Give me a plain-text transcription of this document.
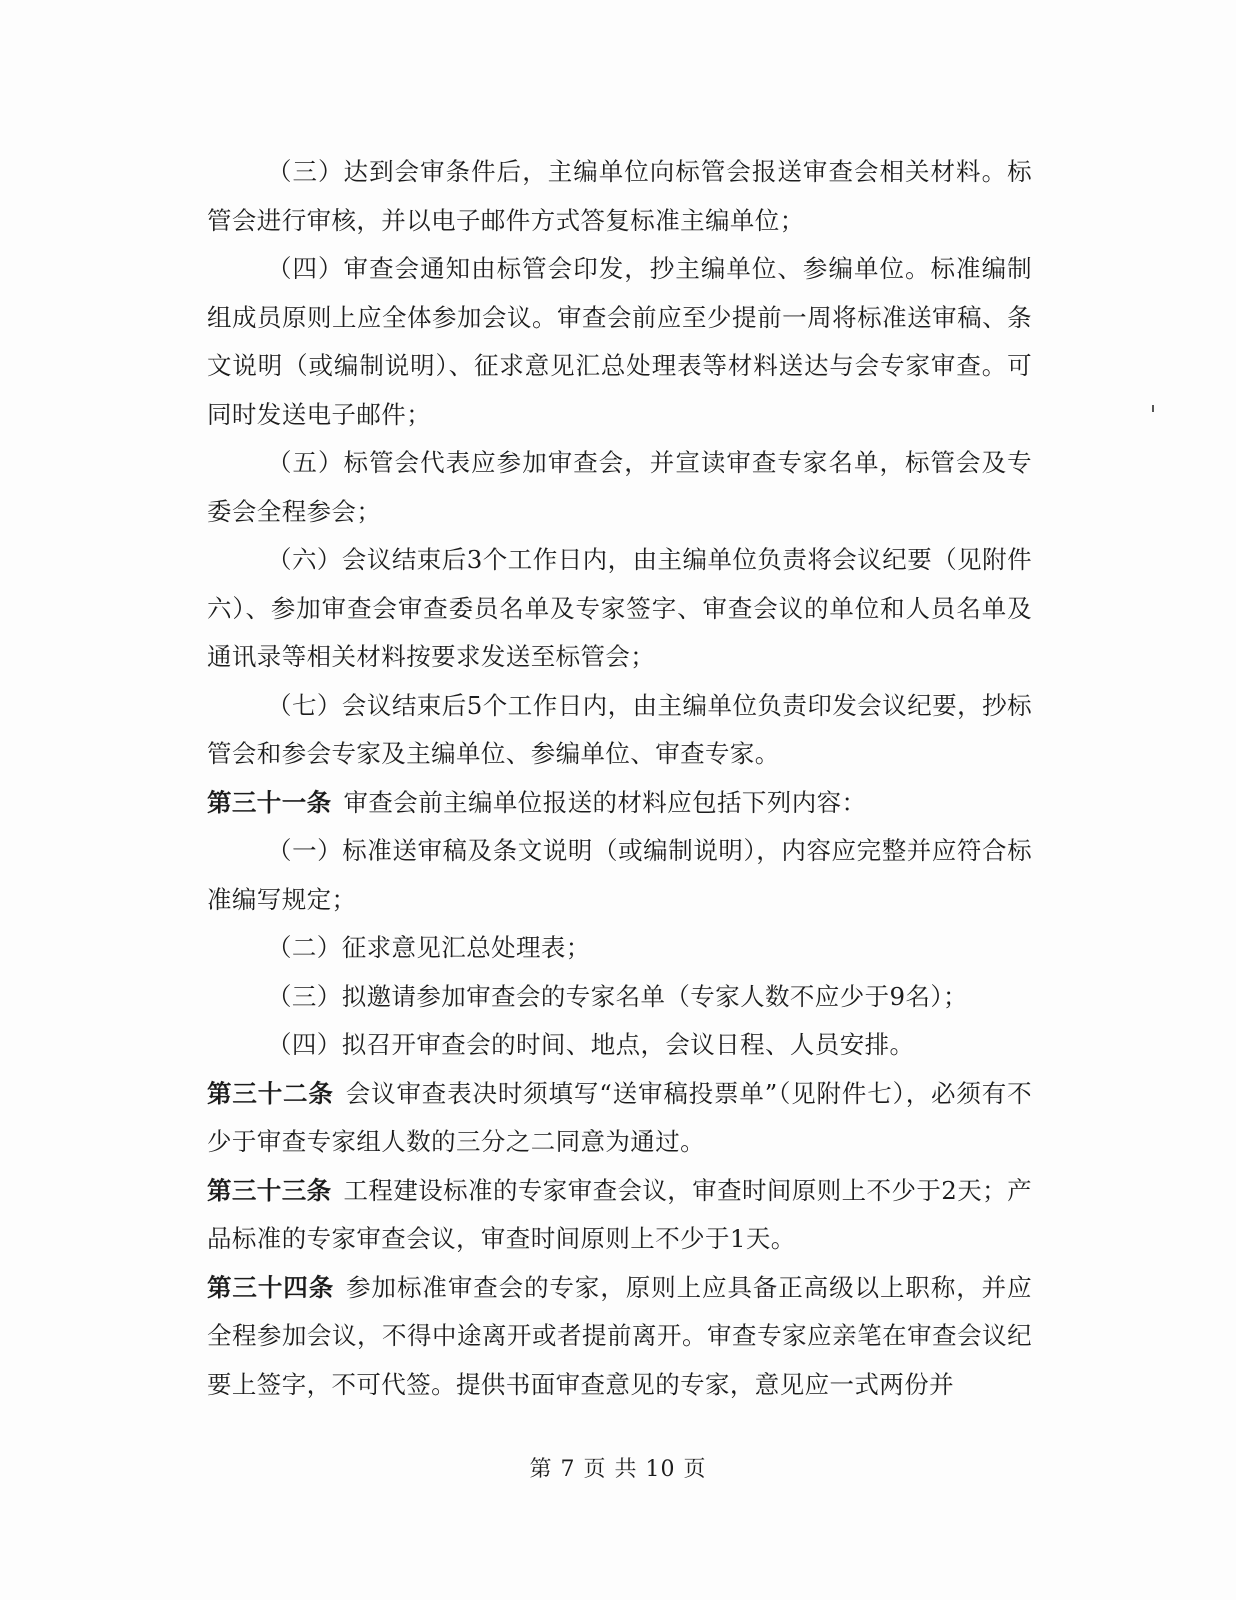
（三）达到会审条件后，主编单位向标管会报送审查会相关材料。标管会进行审核，并以电子邮件方式答复标准主编单位；

（四）审查会通知由标管会印发，抄主编单位、参编单位。标准编制组成员原则上应全体参加会议。审查会前应至少提前一周将标准送审稿、条文说明（或编制说明）、征求意见汇总处理表等材料送达与会专家审查。可同时发送电子邮件；

（五）标管会代表应参加审查会，并宣读审查专家名单，标管会及专委会全程参会；

（六）会议结束后3个工作日内，由主编单位负责将会议纪要（见附件六）、参加审查会审查委员名单及专家签字、审查会议的单位和人员名单及通讯录等相关材料按要求发送至标管会；

（七）会议结束后5个工作日内，由主编单位负责印发会议纪要，抄标管会和参会专家及主编单位、参编单位、审查专家。

第三十一条 审查会前主编单位报送的材料应包括下列内容：

（一）标准送审稿及条文说明（或编制说明），内容应完整并应符合标准编写规定；

（二）征求意见汇总处理表；

（三）拟邀请参加审查会的专家名单（专家人数不应少于9名）；

（四）拟召开审查会的时间、地点，会议日程、人员安排。

第三十二条 会议审查表决时须填写“送审稿投票单”（见附件七），必须有不少于审查专家组人数的三分之二同意为通过。

第三十三条 工程建设标准的专家审查会议，审查时间原则上不少于2天；产品标准的专家审查会议，审查时间原则上不少于1天。

第三十四条 参加标准审查会的专家，原则上应具备正高级以上职称，并应全程参加会议，不得中途离开或者提前离开。审查专家应亲笔在审查会议纪要上签字，不可代签。提供书面审查意见的专家，意见应一式两份并

第 7 页 共 10 页
